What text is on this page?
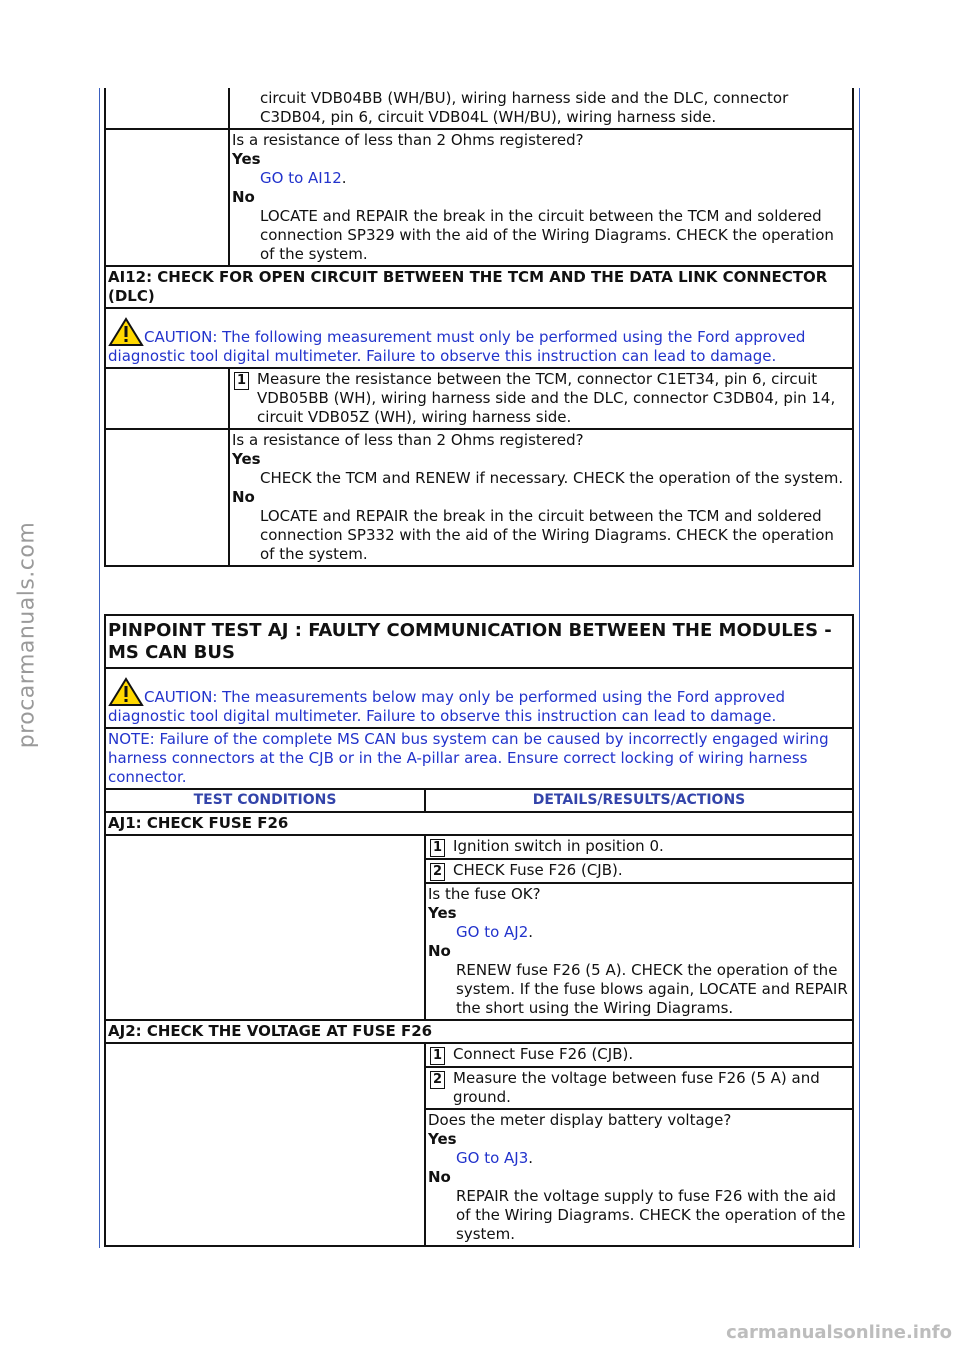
procarmanuals.com
	circuit VDB04BB (WH/BU), wiring harness side and the DLC, connector C3DB04, pin 6, circuit VDB04L (WH/BU), wiring harness side.

	Is a resistance of less than 2 Ohms registered?
Yes
GO to AI12.
No
LOCATE and REPAIR the break in the circuit between the TCM and soldered connection SP329 with the aid of the Wiring Diagrams. CHECK the operation of the system.

AI12: CHECK FOR OPEN CIRCUIT BETWEEN THE TCM AND THE DATA LINK CONNECTOR (DLC)	
CAUTION: The following measurement must only be performed using the Ford approved diagnostic tool digital multimeter. Failure to observe this instruction can lead to damage.	

	1 Measure the resistance between the TCM, connector C1ET34, pin 6, circuit VDB05BB (WH), wiring harness side and the DLC, connector C3DB04, pin 14, circuit VDB05Z (WH), wiring harness side.

	Is a resistance of less than 2 Ohms registered?
Yes
CHECK the TCM and RENEW if necessary. CHECK the operation of the system.
No
LOCATE and REPAIR the break in the circuit between the TCM and soldered connection SP332 with the aid of the Wiring Diagrams. CHECK the operation of the system.
PINPOINT TEST AJ : FAULTY COMMUNICATION BETWEEN THE MODULES - MS CAN BUS	
CAUTION: The measurements below may only be performed using the Ford approved diagnostic tool digital multimeter. Failure to observe this instruction can lead to damage.	
NOTE: Failure of the complete MS CAN bus system can be caused by incorrectly engaged wiring harness connectors at the CJB or in the A-pillar area. Ensure correct locking of wiring harness connector.	
TEST CONDITIONS	DETAILS/RESULTS/ACTIONS
AJ1: CHECK FUSE F26	

	1 Ignition switch in position 0.
2 CHECK Fuse F26 (CJB).

	Is the fuse OK?
Yes
GO to AJ2.
No
RENEW fuse F26 (5 A). CHECK the operation of the system. If the fuse blows again, LOCATE and REPAIR the short using the Wiring Diagrams.

AJ2: CHECK THE VOLTAGE AT FUSE F26	

	1 Connect Fuse F26 (CJB).
2 Measure the voltage between fuse F26 (5 A) and ground.

	Does the meter display battery voltage?
Yes
GO to AJ3.
No
REPAIR the voltage supply to fuse F26 with the aid of the Wiring Diagrams. CHECK the operation of the system.
carmanualsonline.info
